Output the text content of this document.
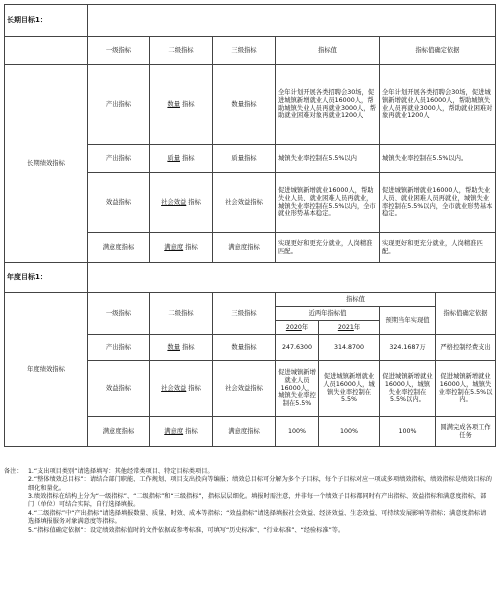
长期目标1：							
	一级指标	二级指标	三级指标	指标值		指标值确定依据	
长期绩效指标	产出指标	数量 指标	数量指标	全年计划开展各类招聘会30场，促进城镇新增就业人员16000人，帮助城镇失业人员再就业3000人，帮助就业困难对象再就业1200人		全年计划开展各类招聘会30场，促进城镇新增就业人员16000人，帮助城镇失业人员再就业3000人，帮助就业困难对象再就业1200人	
	产出指标	质量 指标	质量指标	城镇失业率控制在5.5%以内		城镇失业率控制在5.5%以内。	
	效益指标	社会效益 指标	社会效益指标	促进城镇新增就业16000人，帮助失业人员、就业困难人员再就业，城镇失业率控制在5.5%以内，全市就业形势基本稳定。		促进城镇新增就业16000人，帮助失业人员、就业困难人员再就业，城镇失业率控制在5.5%以内，全市就业形势基本稳定。	
	满意度指标	满意度 指标	满意度指标	实现更好和更充分就业，人岗精准匹配。		实现更好和更充分就业，人岗精准匹配。	
年度目标1：							
年度绩效指标	一级指标	二级指标	三级指标	指标值			指标值确定依据
				近两年指标值		预期当年实现值	
				2020年	2021年		
	产出指标	数量 指标	数量指标	247.6300	314.8700	324.1687万	严格控制经费支出
	效益指标	社会效益 指标	社会效益指标	促进城镇新增就业人员16000人，城镇失业率控制在5.5%	促进城镇新增就业人员16000人，城镇失业率控制在5.5%	促进城镇新增就业16000人，城镇失业率控制在5.5%以内。	促进城镇新增就业16000人，城镇失业率控制在5.5%以内。
	满意度指标	满意度 指标	满意度指标	100%	100%	100%	圆满完成各项工作任务
备注： 1.“支出项目类别”请选择填写：其他经常类项目、特定目标类项目。
2.“整体绩效总目标”：请结合部门职能、工作规划、项目支出投向等编报；绩效总目标可分解为多个子目标，每个子目标对应一项或多项绩效指标，绩效指标是绩效目标的细化和量化。
3.绩效指标在结构上分为“一级指标”、“二级指标”和“三级指标”，指标层层细化。填报时需注意，并非每一个绩效子目标都同时有产出指标、效益指标和满意度指标，部门（单位）可结合实际，自行选择填报。
4.“二级指标”中“产出指标”请选择填报数量、质量、时效、成本等指标；“效益指标”请选择填报社会效益、经济效益、生态效益、可持续发展影响等指标；满意度指标请选择填报服务对象满意度等指标。
5.“指标值确定依据”：设定绩效指标值时的文件依据或参考标准，可填写“历史标准”、“行业标准”、“经验标准”等。
